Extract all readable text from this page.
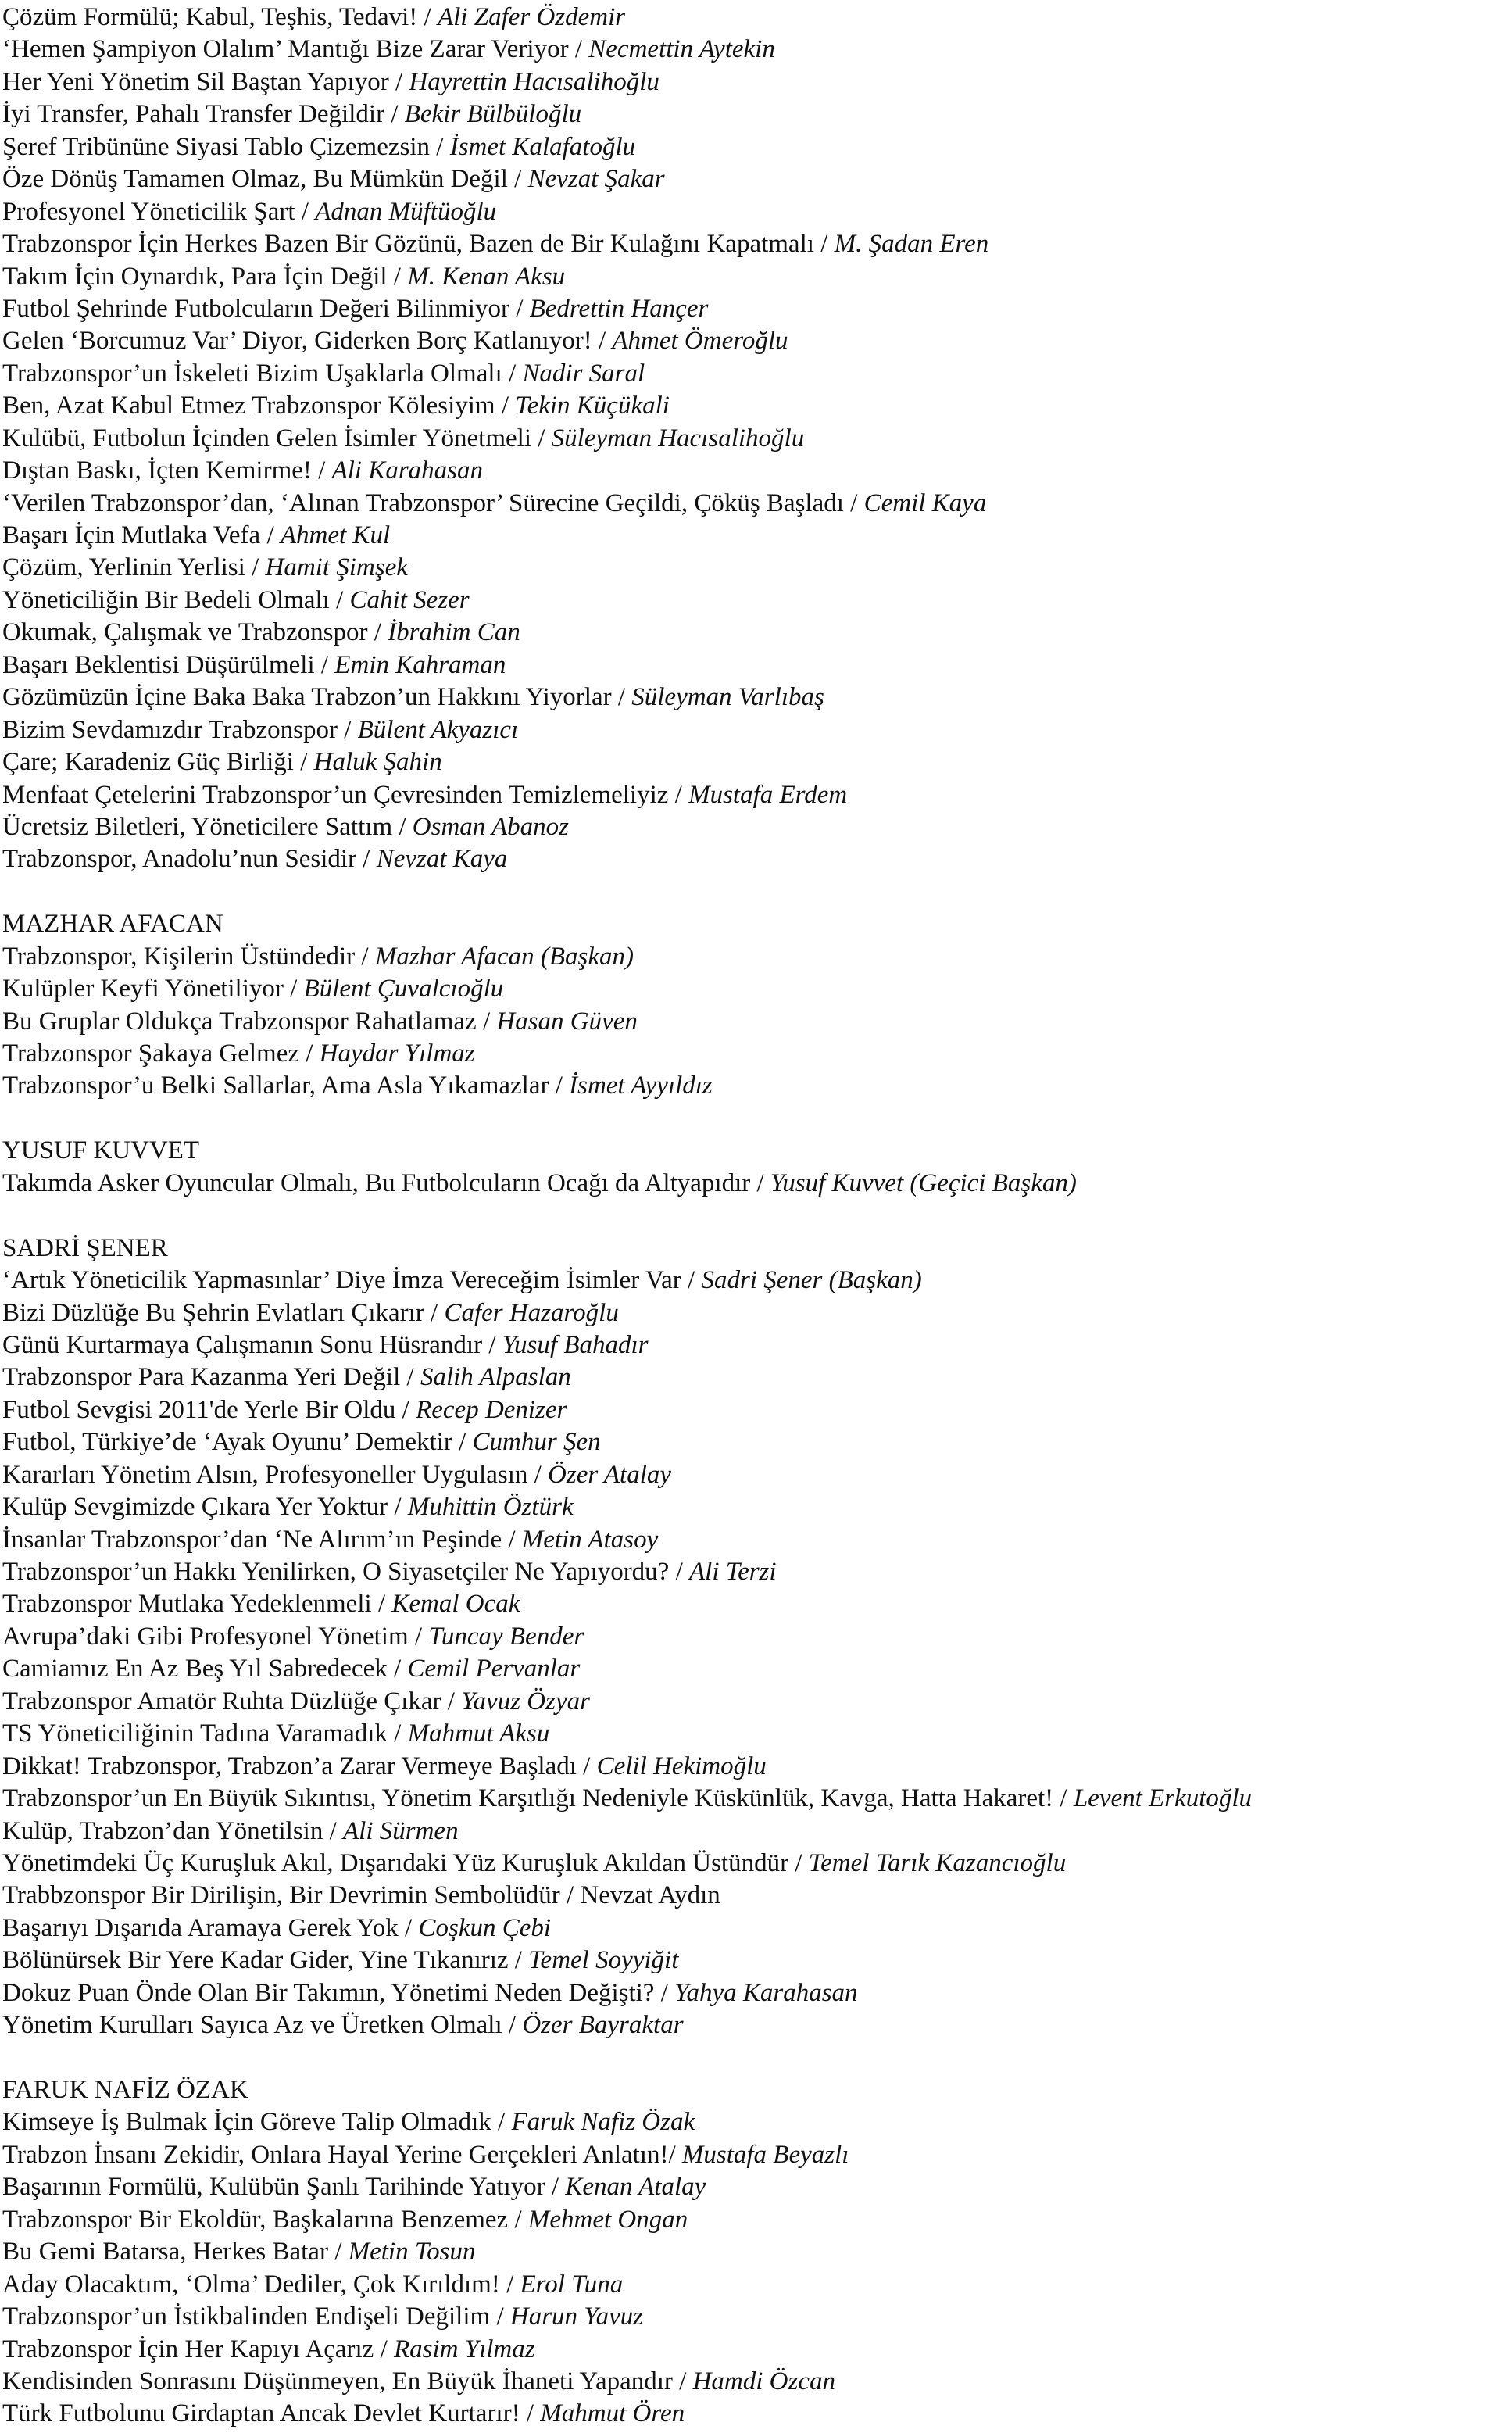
Çözüm Formülü; Kabul, Teşhis, Tedavi! / Ali Zafer Özdemir
‘Hemen Şampiyon Olalım’ Mantığı Bize Zarar Veriyor / Necmettin Aytekin
Her Yeni Yönetim Sil Baştan Yapıyor / Hayrettin Hacısalihoğlu
İyi Transfer, Pahalı Transfer Değildir / Bekir Bülbüloğlu
Şeref Tribününe Siyasi Tablo Çizemezsin / İsmet Kalafatoğlu
Öze Dönüş Tamamen Olmaz, Bu Mümkün Değil / Nevzat Şakar
Profesyonel Yöneticilik Şart / Adnan Müftüoğlu
Trabzonspor İçin Herkes Bazen Bir Gözünü, Bazen de Bir Kulağını Kapatmalı / M. Şadan Eren
Takım İçin Oynardık, Para İçin Değil / M. Kenan Aksu
Futbol Şehrinde Futbolcuların Değeri Bilinmiyor / Bedrettin Hançer
Gelen ‘Borcumuz Var’ Diyor, Giderken Borç Katlanıyor! / Ahmet Ömeroğlu
Trabzonspor’un İskeleti Bizim Uşaklarla Olmalı / Nadir Saral
Ben, Azat Kabul Etmez Trabzonspor Kölesiyim / Tekin Küçükali
Kulübü, Futbolun İçinden Gelen İsimler Yönetmeli / Süleyman Hacısalihoğlu
Dıştan Baskı, İçten Kemirme! / Ali Karahasan
‘Verilen Trabzonspor’dan, ‘Alınan Trabzonspor’ Sürecine Geçildi, Çöküş Başladı / Cemil Kaya
Başarı İçin Mutlaka Vefa / Ahmet Kul
Çözüm, Yerlinin Yerlisi / Hamit Şimşek
Yöneticiliğin Bir Bedeli Olmalı / Cahit Sezer
Okumak, Çalışmak ve Trabzonspor / İbrahim Can
Başarı Beklentisi Düşürülmeli / Emin Kahraman
Gözümüzün İçine Baka Baka Trabzon’un Hakkını Yiyorlar / Süleyman Varlıbaş
Bizim Sevdamızdır Trabzonspor / Bülent Akyazıcı
Çare; Karadeniz Güç Birliği / Haluk Şahin
Menfaat Çetelerini Trabzonspor’un Çevresinden Temizlemeliyiz / Mustafa Erdem
Ücretsiz Biletleri, Yöneticilere Sattım / Osman Abanoz
Trabzonspor, Anadolu’nun Sesidir / Nevzat Kaya
MAZHAR AFACAN
Trabzonspor, Kişilerin Üstündedir / Mazhar Afacan (Başkan)
Kulüpler Keyfi Yönetiliyor / Bülent Çuvalcıoğlu
Bu Gruplar Oldukça Trabzonspor Rahatlamaz / Hasan Güven
Trabzonspor Şakaya Gelmez / Haydar Yılmaz
Trabzonspor’u Belki Sallarlar, Ama Asla Yıkamazlar / İsmet Ayyıldız
YUSUF KUVVET
Takımda Asker Oyuncular Olmalı, Bu Futbolcuların Ocağı da Altyapıdır / Yusuf Kuvvet (Geçici Başkan)
SADRİ ŞENER
‘Artık Yöneticilik Yapmasınlar’ Diye İmza Vereceğim İsimler Var / Sadri Şener (Başkan)
Bizi Düzlüğe Bu Şehrin Evlatları Çıkarır / Cafer Hazaroğlu
Günü Kurtarmaya Çalışmanın Sonu Hüsrandır / Yusuf Bahadır
Trabzonspor Para Kazanma Yeri Değil / Salih Alpaslan
Futbol Sevgisi 2011'de Yerle Bir Oldu / Recep Denizer
Futbol, Türkiye’de ‘Ayak Oyunu’ Demektir / Cumhur Şen
Kararları Yönetim Alsın, Profesyoneller Uygulasın / Özer Atalay
Kulüp Sevgimizde Çıkara Yer Yoktur / Muhittin Öztürk
İnsanlar Trabzonspor’dan ‘Ne Alırım’ın Peşinde / Metin Atasoy
Trabzonspor’un Hakkı Yenilirken, O Siyasetçiler Ne Yapıyordu? / Ali Terzi
Trabzonspor Mutlaka Yedeklenmeli / Kemal Ocak
Avrupa’daki Gibi Profesyonel Yönetim / Tuncay Bender
Camiamız En Az Beş Yıl Sabredecek / Cemil Pervanlar
Trabzonspor Amatör Ruhta Düzlüğe Çıkar / Yavuz Özyar
TS Yöneticiliğinin Tadına Varamadık / Mahmut Aksu
Dikkat! Trabzonspor, Trabzon’a Zarar Vermeye Başladı / Celil Hekimoğlu
Trabzonspor’un En Büyük Sıkıntısı, Yönetim Karşıtlığı Nedeniyle Küskünlük, Kavga, Hatta Hakaret! / Levent Erkutoğlu
Kulüp, Trabzon’dan Yönetilsin / Ali Sürmen
Yönetimdeki Üç Kuruşluk Akıl, Dışarıdaki Yüz Kuruşluk Akıldan Üstündür / Temel Tarık Kazancıoğlu
Trabbzonspor Bir Dirilişin, Bir Devrimin Sembolüdür / Nevzat Aydın
Başarıyı Dışarıda Aramaya Gerek Yok / Coşkun Çebi
Bölünürsek Bir Yere Kadar Gider, Yine Tıkanırız / Temel Soyyiğit
Dokuz Puan Önde Olan Bir Takımın, Yönetimi Neden Değişti? / Yahya Karahasan
Yönetim Kurulları Sayıca Az ve Üretken Olmalı / Özer Bayraktar
FARUK NAFİZ ÖZAK
Kimseye İş Bulmak İçin Göreve Talip Olmadık / Faruk Nafiz Özak
Trabzon İnsanı Zekidir, Onlara Hayal Yerine Gerçekleri Anlatın! / Mustafa Beyazlı
Başarının Formülü, Kulübün Şanlı Tarihinde Yatıyor / Kenan Atalay
Trabzonspor Bir Ekoldür, Başkalarına Benzemez / Mehmet Ongan
Bu Gemi Batarsa, Herkes Batar / Metin Tosun
Aday Olacaktım, ‘Olma’ Dediler, Çok Kırıldım! / Erol Tuna
Trabzonspor’un İstikbalinden Endişeli Değilim / Harun Yavuz
Trabzonspor İçin Her Kapıyı Açarız / Rasim Yılmaz
Kendisinden Sonrasını Düşünmeyen, En Büyük İhaneti Yapandır / Hamdi Özcan
Türk Futbolunu Girdaptan Ancak Devlet Kurtarır! / Mahmut Ören
